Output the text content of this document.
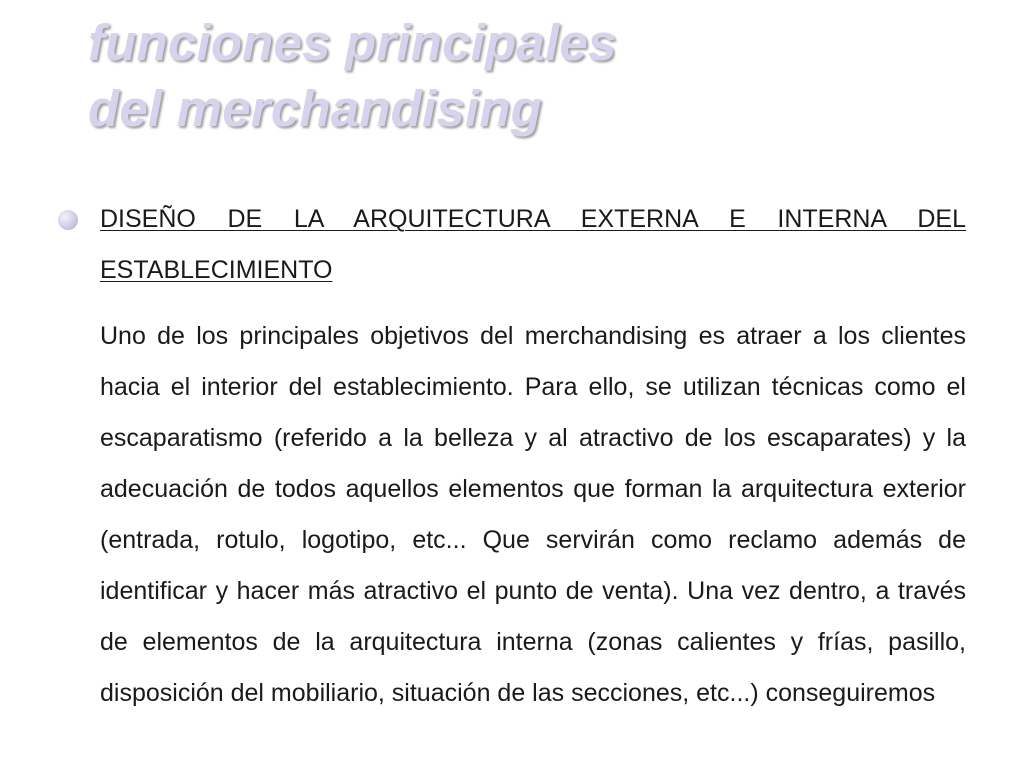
funciones principales
del merchandising

DISEÑO DE LA ARQUITECTURA EXTERNA E INTERNA DEL ESTABLECIMIENTO

Uno de los principales objetivos del merchandising es atraer a los clientes hacia el interior del establecimiento. Para ello, se utilizan técnicas como el escaparatismo (referido a la belleza y al atractivo de los escaparates) y la adecuación de todos aquellos elementos que forman la arquitectura exterior (entrada, rotulo, logotipo, etc... Que servirán como reclamo además de identificar y hacer más atractivo el punto de venta). Una vez dentro, a través de elementos de la arquitectura interna (zonas calientes y frías, pasillo, disposición del mobiliario, situación de las secciones, etc...) conseguiremos
